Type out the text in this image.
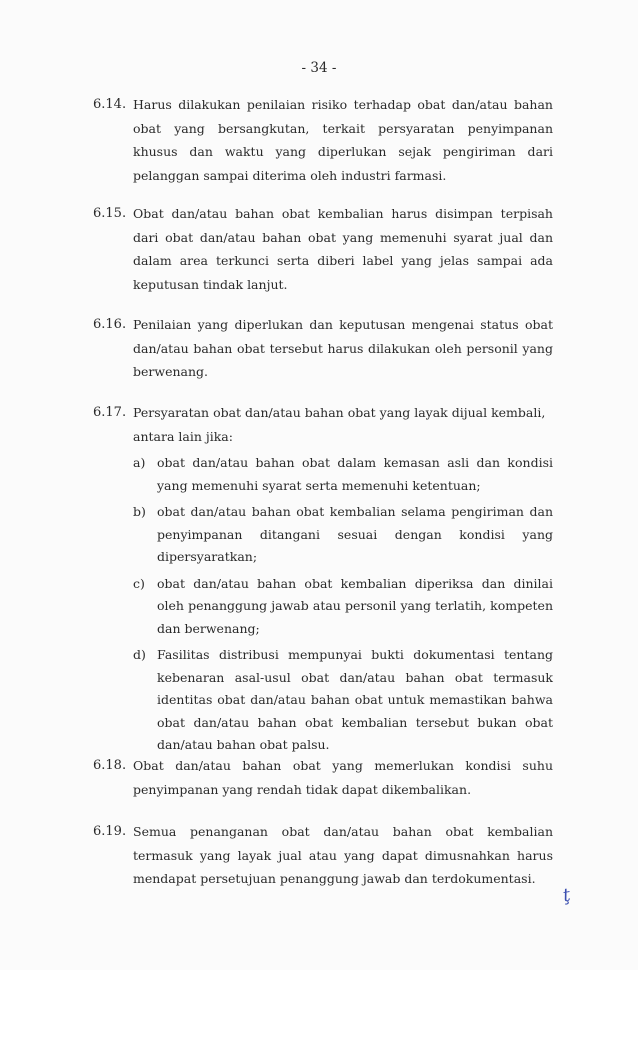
- 34 -
6.14. Harus dilakukan penilaian risiko terhadap obat dan/atau bahan obat yang bersangkutan, terkait persyaratan penyimpanan khusus dan waktu yang diperlukan sejak pengiriman dari pelanggan sampai diterima oleh industri farmasi.
6.15. Obat dan/atau bahan obat kembalian harus disimpan terpisah dari obat dan/atau bahan obat yang memenuhi syarat jual dan dalam area terkunci serta diberi label yang jelas sampai ada keputusan tindak lanjut.
6.16. Penilaian yang diperlukan dan keputusan mengenai status obat dan/atau bahan obat tersebut harus dilakukan oleh personil yang berwenang.
6.17. Persyaratan obat dan/atau bahan obat yang layak dijual kembali, antara lain jika:
a) obat dan/atau bahan obat dalam kemasan asli dan kondisi yang memenuhi syarat serta memenuhi ketentuan;
b) obat dan/atau bahan obat kembalian selama pengiriman dan penyimpanan ditangani sesuai dengan kondisi yang dipersyaratkan;
c) obat dan/atau bahan obat kembalian diperiksa dan dinilai oleh penanggung jawab atau personil yang terlatih, kompeten dan berwenang;
d) Fasilitas distribusi mempunyai bukti dokumentasi tentang kebenaran asal-usul obat dan/atau bahan obat termasuk identitas obat dan/atau bahan obat untuk memastikan bahwa obat dan/atau bahan obat kembalian tersebut bukan obat dan/atau bahan obat palsu.
6.18. Obat dan/atau bahan obat yang memerlukan kondisi suhu penyimpanan yang rendah tidak dapat dikembalikan.
6.19. Semua penanganan obat dan/atau bahan obat kembalian termasuk yang layak jual atau yang dapat dimusnahkan harus mendapat persetujuan penanggung jawab dan terdokumentasi.
ţ
